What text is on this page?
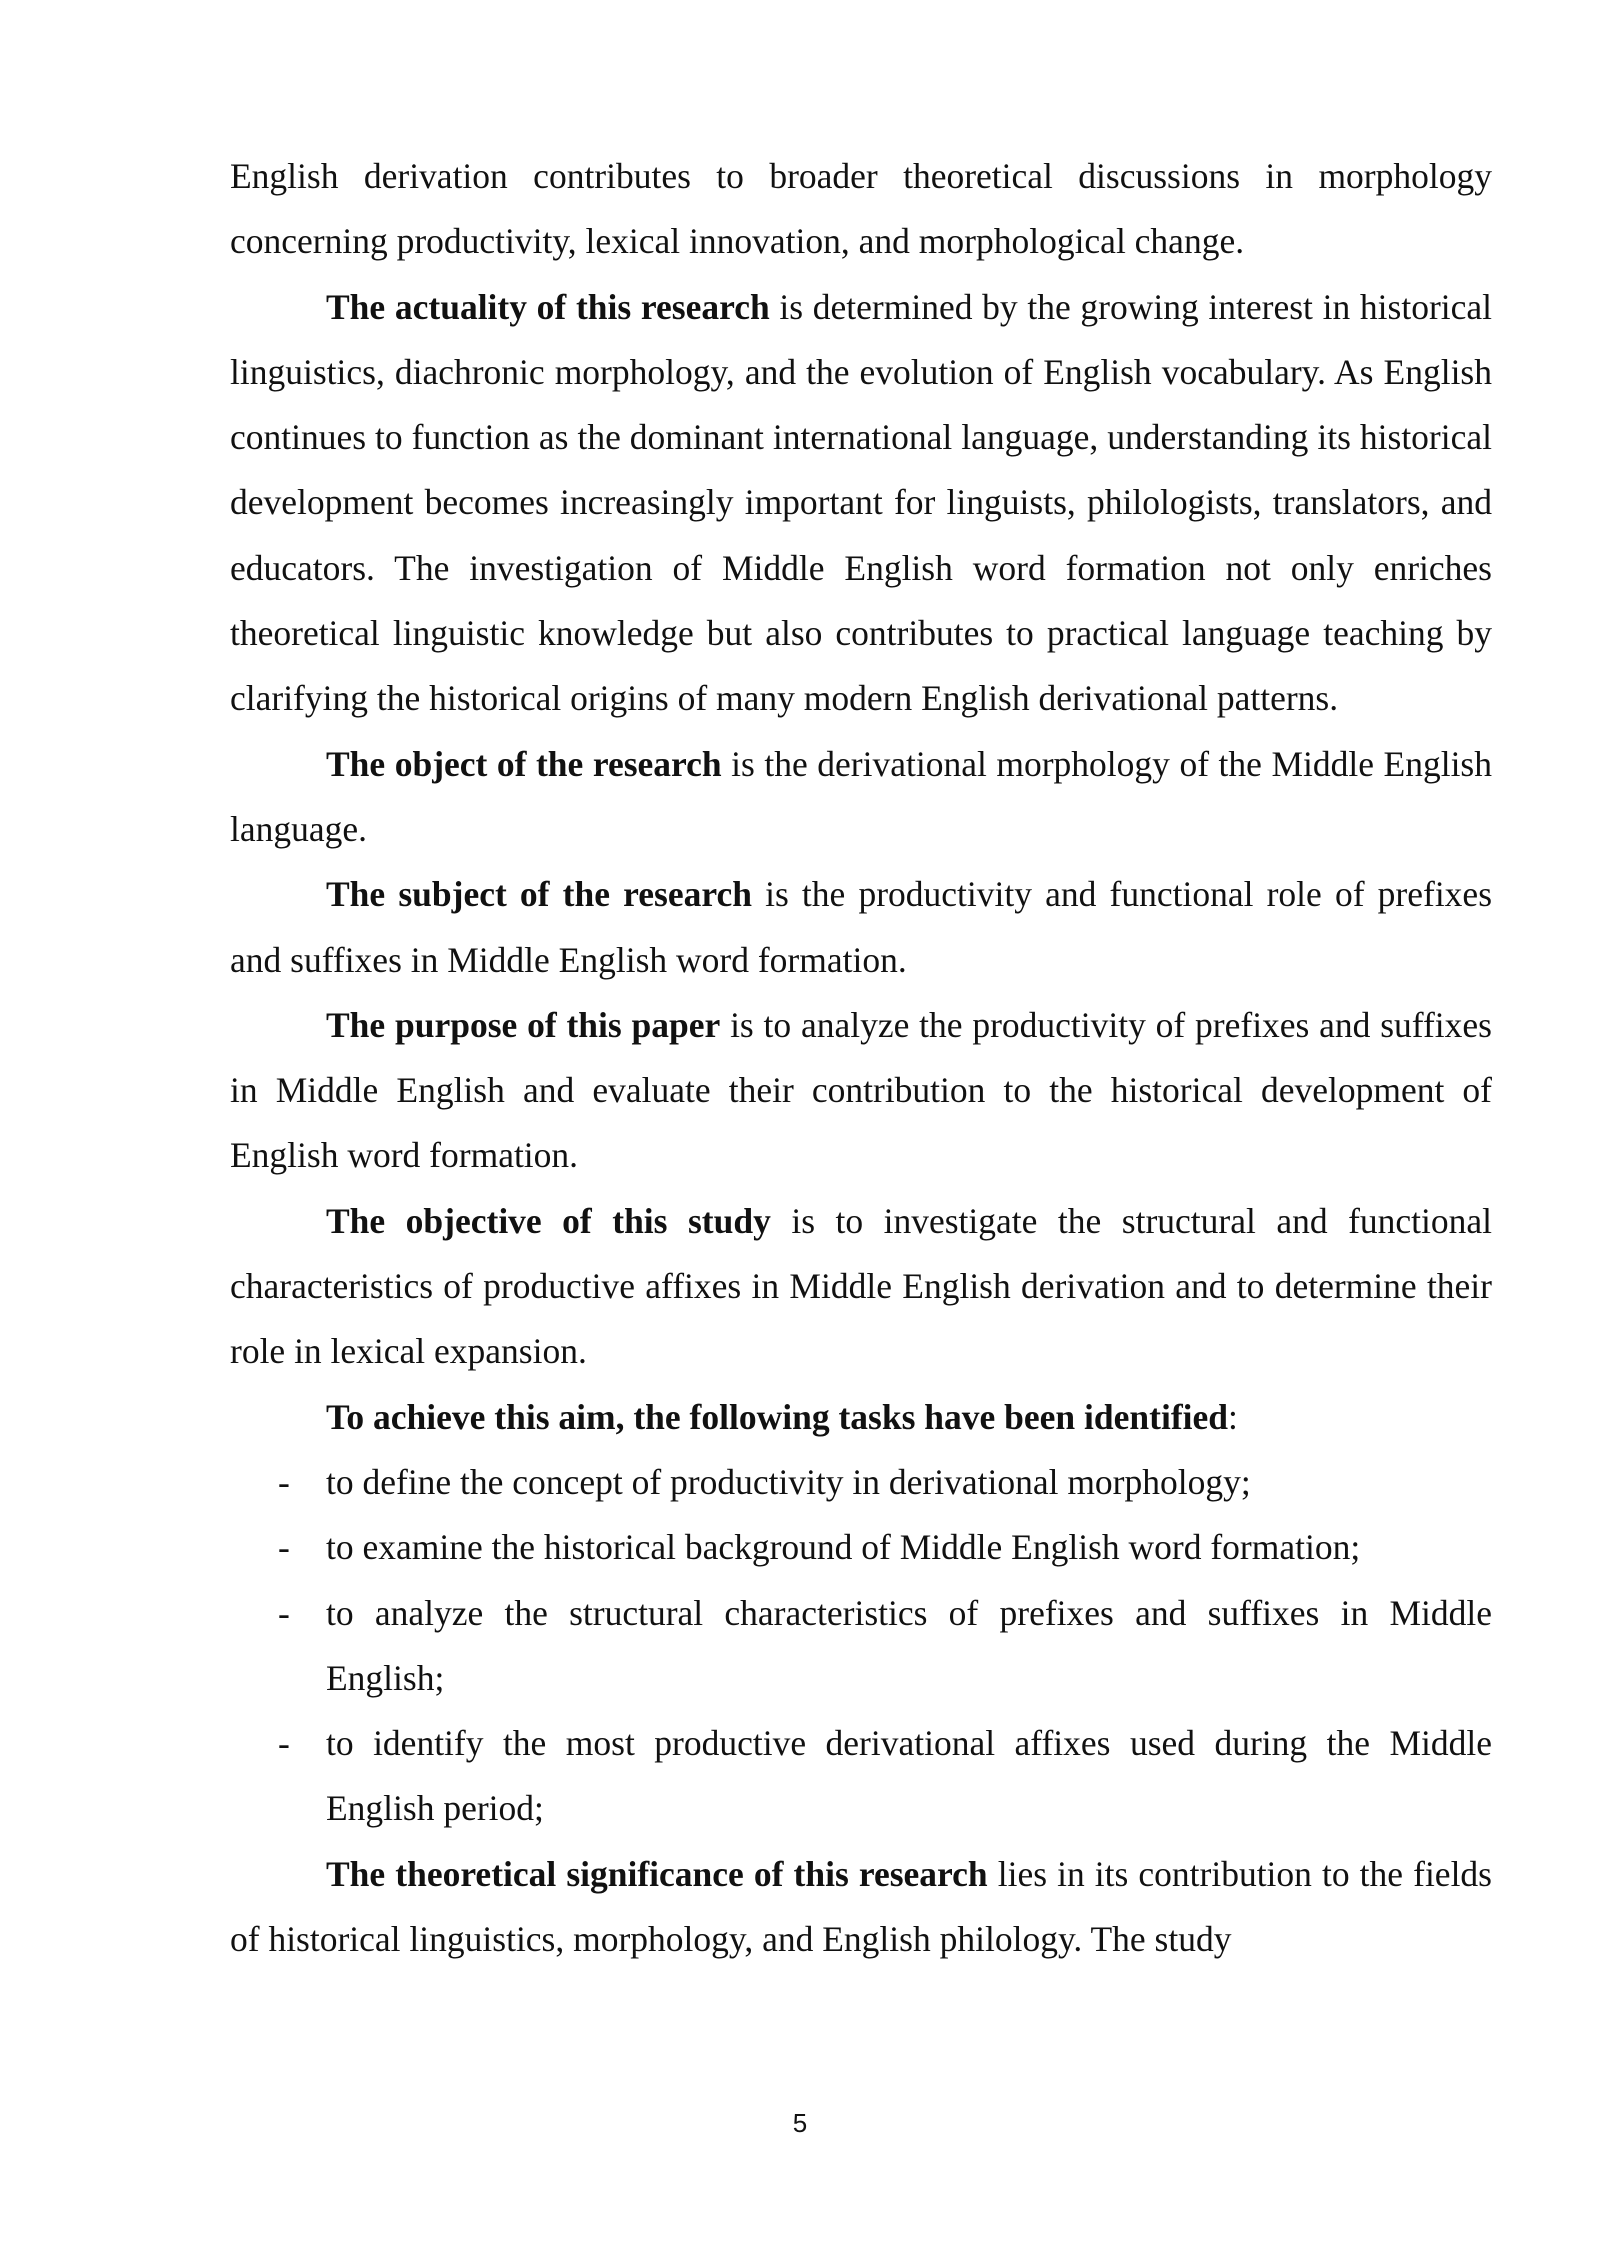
English derivation contributes to broader theoretical discussions in morphology concerning productivity, lexical innovation, and morphological change.

The actuality of this research is determined by the growing interest in historical linguistics, diachronic morphology, and the evolution of English vocabulary. As English continues to function as the dominant international language, understanding its historical development becomes increasingly important for linguists, philologists, translators, and educators. The investigation of Middle English word formation not only enriches theoretical linguistic knowledge but also contributes to practical language teaching by clarifying the historical origins of many modern English derivational patterns.

The object of the research is the derivational morphology of the Middle English language.

The subject of the research is the productivity and functional role of prefixes and suffixes in Middle English word formation.

The purpose of this paper is to analyze the productivity of prefixes and suffixes in Middle English and evaluate their contribution to the historical development of English word formation.

The objective of this study is to investigate the structural and functional characteristics of productive affixes in Middle English derivation and to determine their role in lexical expansion.

To achieve this aim, the following tasks have been identified:

- to define the concept of productivity in derivational morphology;
- to examine the historical background of Middle English word formation;
- to analyze the structural characteristics of prefixes and suffixes in Middle English;
- to identify the most productive derivational affixes used during the Middle English period;

The theoretical significance of this research lies in its contribution to the fields of historical linguistics, morphology, and English philology. The study

5
